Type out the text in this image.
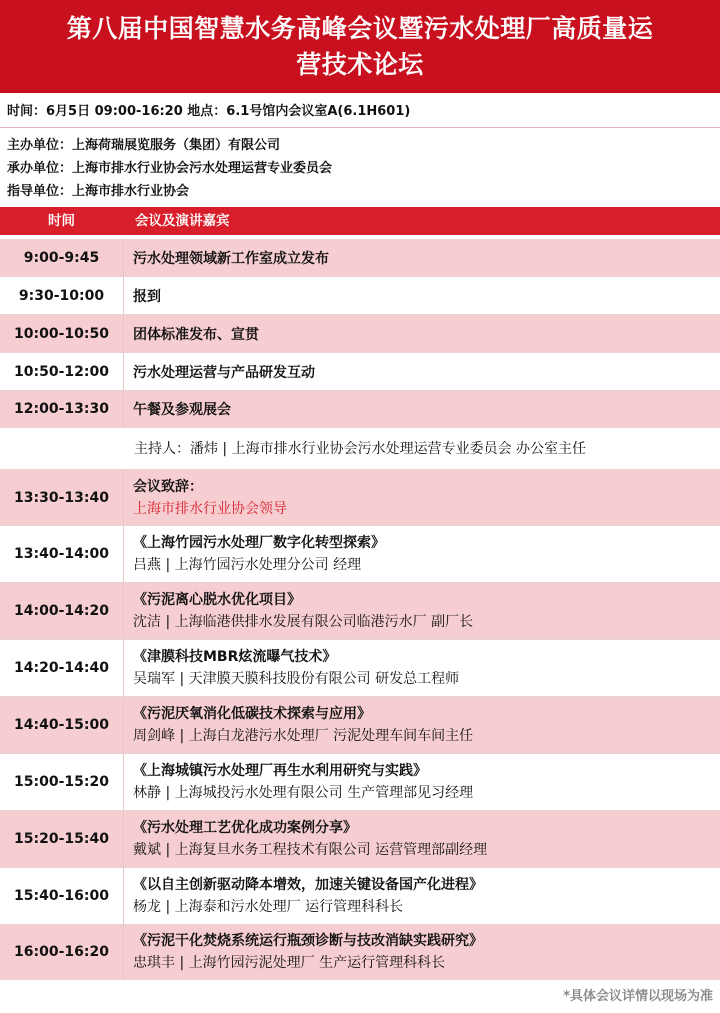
第八届中国智慧水务高峰会议暨污水处理厂高质量运
营技术论坛
时间：6月5日 09:00-16:20 地点：6.1号馆内会议室A(6.1H601)
主办单位：上海荷瑞展览服务（集团）有限公司
承办单位：上海市排水行业协会污水处理运营专业委员会
指导单位：上海市排水行业协会
时间	会议及演讲嘉宾
9:00-9:45	污水处理领域新工作室成立发布
9:30-10:00	报到
10:00-10:50	团体标准发布、宣贯
10:50-12:00	污水处理运营与产品研发互动
12:00-13:30	午餐及参观展会
主持人：潘炜 | 上海市排水行业协会污水处理运营专业委员会 办公室主任
13:30-13:40
会议致辞：
上海市排水行业协会领导
13:40-14:00
《上海竹园污水处理厂数字化转型探索》
吕燕 | 上海竹园污水处理分公司 经理
14:00-14:20
《污泥离心脱水优化项目》
沈洁 | 上海临港供排水发展有限公司临港污水厂 副厂长
14:20-14:40
《津膜科技MBR炫流曝气技术》
吴瑞军 | 天津膜天膜科技股份有限公司 研发总工程师
14:40-15:00
《污泥厌氧消化低碳技术探索与应用》
周剑峰 | 上海白龙港污水处理厂 污泥处理车间车间主任
15:00-15:20
《上海城镇污水处理厂再生水利用研究与实践》
林静 | 上海城投污水处理有限公司 生产管理部见习经理
15:20-15:40
《污水处理工艺优化成功案例分享》
戴斌 | 上海复旦水务工程技术有限公司 运营管理部副经理
15:40-16:00
《以自主创新驱动降本增效，加速关键设备国产化进程》
杨龙 | 上海泰和污水处理厂 运行管理科科长
16:00-16:20
《污泥干化焚烧系统运行瓶颈诊断与技改消缺实践研究》
忠琪丰 | 上海竹园污泥处理厂 生产运行管理科科长
*具体会议详情以现场为准
